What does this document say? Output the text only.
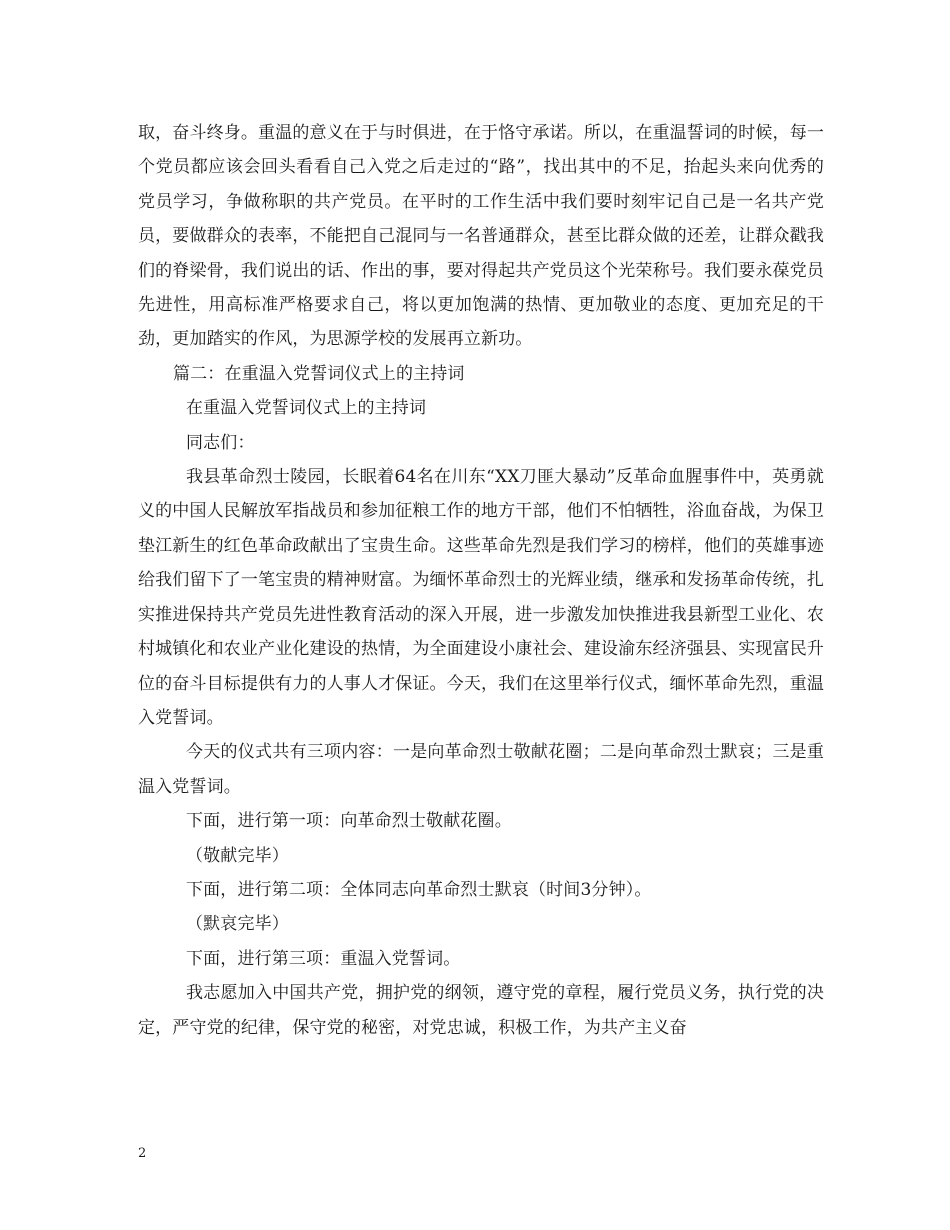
取，奋斗终身。重温的意义在于与时俱进，在于恪守承诺。所以，在重温誓词的时候，每一个党员都应该会回头看看自己入党之后走过的“路”，找出其中的不足，抬起头来向优秀的党员学习，争做称职的共产党员。在平时的工作生活中我们要时刻牢记自己是一名共产党员，要做群众的表率，不能把自己混同与一名普通群众，甚至比群众做的还差，让群众戳我们的脊梁骨，我们说出的话、作出的事，要对得起共产党员这个光荣称号。我们要永葆党员先进性，用高标准严格要求自己，将以更加饱满的热情、更加敬业的态度、更加充足的干劲，更加踏实的作风，为思源学校的发展再立新功。

篇二：在重温入党誓词仪式上的主持词

在重温入党誓词仪式上的主持词

同志们：

我县革命烈士陵园，长眠着64名在川东“XX刀匪大暴动”反革命血腥事件中，英勇就义的中国人民解放军指战员和参加征粮工作的地方干部，他们不怕牺牲，浴血奋战，为保卫垫江新生的红色革命政献出了宝贵生命。这些革命先烈是我们学习的榜样，他们的英雄事迹给我们留下了一笔宝贵的精神财富。为缅怀革命烈士的光辉业绩，继承和发扬革命传统，扎实推进保持共产党员先进性教育活动的深入开展，进一步激发加快推进我县新型工业化、农村城镇化和农业产业化建设的热情，为全面建设小康社会、建设渝东经济强县、实现富民升位的奋斗目标提供有力的人事人才保证。今天，我们在这里举行仪式，缅怀革命先烈，重温入党誓词。

今天的仪式共有三项内容：一是向革命烈士敬献花圈；二是向革命烈士默哀；三是重温入党誓词。

下面，进行第一项：向革命烈士敬献花圈。

（敬献完毕）

下面，进行第二项：全体同志向革命烈士默哀（时间3分钟）。

（默哀完毕）

下面，进行第三项：重温入党誓词。

我志愿加入中国共产党，拥护党的纲领，遵守党的章程，履行党员义务，执行党的决定，严守党的纪律，保守党的秘密，对党忠诚，积极工作，为共产主义奋

2
